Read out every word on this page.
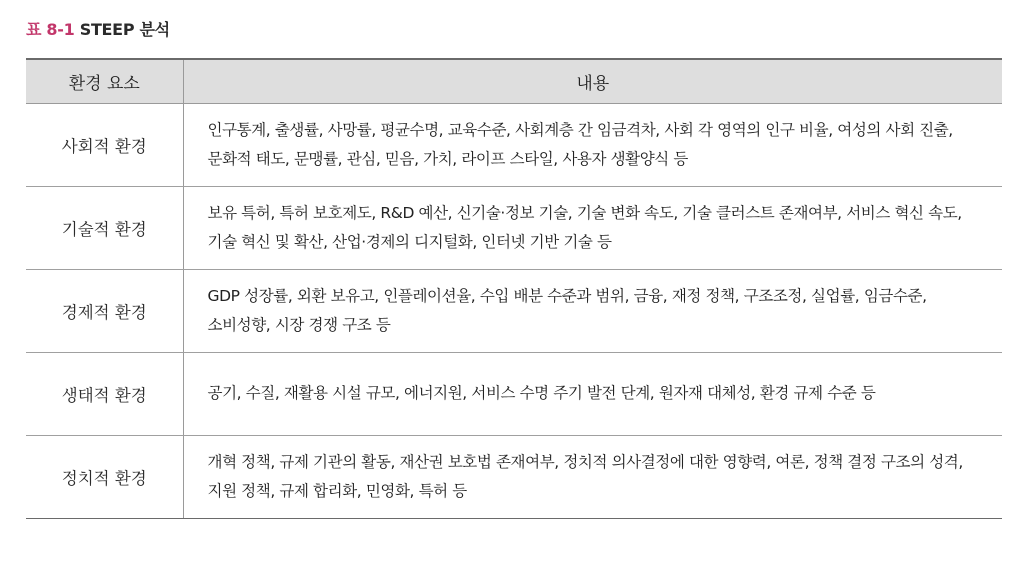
표 8-1 STEEP 분석
환경 요소	내용
사회적 환경	인구통계, 출생률, 사망률, 평균수명, 교육수준, 사회계층 간 임금격차, 사회 각 영역의 인구 비율, 여성의 사회 진출, 문화적 태도, 문맹률, 관심, 믿음, 가치, 라이프 스타일, 사용자 생활양식 등
기술적 환경	보유 특허, 특허 보호제도, R&D 예산, 신기술·정보 기술, 기술 변화 속도, 기술 클러스트 존재여부, 서비스 혁신 속도, 기술 혁신 및 확산, 산업·경제의 디지털화, 인터넷 기반 기술 등
경제적 환경	GDP 성장률, 외환 보유고, 인플레이션율, 수입 배분 수준과 범위, 금융, 재정 정책, 구조조정, 실업률, 임금수준, 소비성향, 시장 경쟁 구조 등
생태적 환경	공기, 수질, 재활용 시설 규모, 에너지원, 서비스 수명 주기 발전 단계, 원자재 대체성, 환경 규제 수준 등
정치적 환경	개혁 정책, 규제 기관의 활동, 재산권 보호법 존재여부, 정치적 의사결정에 대한 영향력, 여론, 정책 결정 구조의 성격, 지원 정책, 규제 합리화, 민영화, 특허 등
